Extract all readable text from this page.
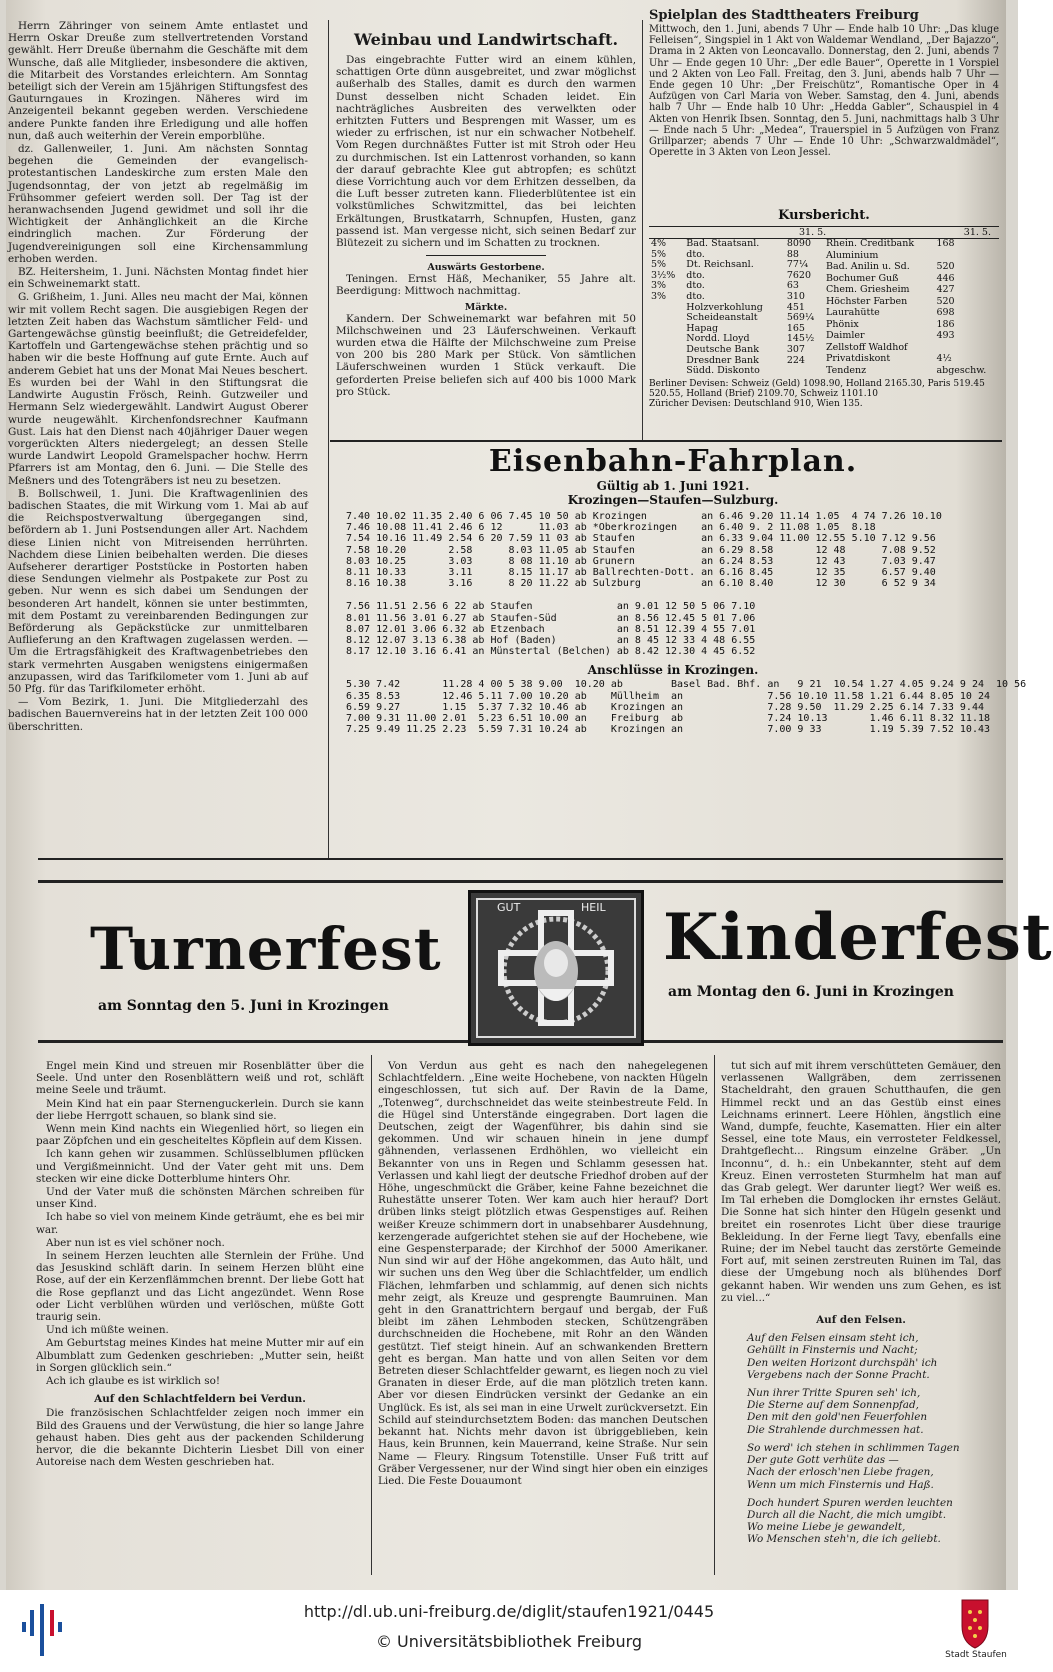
Herrn Zähringer von seinem Amte entlastet und Herrn Oskar Dreuße zum stellvertretenden Vorstand gewählt. Herr Dreuße übernahm die Geschäfte mit dem Wunsche, daß alle Mitglieder, insbesondere die aktiven, die Mitarbeit des Vorstandes erleichtern. Am Sonntag beteiligt sich der Verein am 15jährigen Stiftungsfest des Gauturngaues in Krozingen. Näheres wird im Anzeigenteil bekannt gegeben werden. Verschiedene andere Punkte fanden ihre Erledigung und alle hoffen nun, daß auch weiterhin der Verein emporblühe.

dz. Gallenweiler, 1. Juni. Am nächsten Sonntag begehen die Gemeinden der evangelisch-protestantischen Landeskirche zum ersten Male den Jugendsonntag, der von jetzt ab regelmäßig im Frühsommer gefeiert werden soll. Der Tag ist der heranwachsenden Jugend gewidmet und soll ihr die Wichtigkeit der Anhänglichkeit an die Kirche eindringlich machen. Zur Förderung der Jugendvereinigungen soll eine Kirchensammlung erhoben werden.

BZ. Heitersheim, 1. Juni. Nächsten Montag findet hier ein Schweinemarkt statt.

G. Grißheim, 1. Juni. Alles neu macht der Mai, können wir mit vollem Recht sagen. Die ausgiebigen Regen der letzten Zeit haben das Wachstum sämtlicher Feld- und Gartengewächse günstig beeinflußt; die Getreidefelder, Kartoffeln und Gartengewächse stehen prächtig und so haben wir die beste Hoffnung auf gute Ernte. Auch auf anderem Gebiet hat uns der Monat Mai Neues beschert. Es wurden bei der Wahl in den Stiftungsrat die Landwirte Augustin Frösch, Reinh. Gutzweiler und Hermann Selz wiedergewählt. Landwirt August Oberer wurde neugewählt. Kirchenfondsrechner Kaufmann Gust. Lais hat den Dienst nach 40jähriger Dauer wegen vorgerückten Alters niedergelegt; an dessen Stelle wurde Landwirt Leopold Gramelspacher hochw. Herrn Pfarrers ist am Montag, den 6. Juni. — Die Stelle des Meßners und des Totengräbers ist neu zu besetzen.

B. Bollschweil, 1. Juni. Die Kraftwagenlinien des badischen Staates, die mit Wirkung vom 1. Mai ab auf die Reichspostverwaltung übergegangen sind, befördern ab 1. Juni Postsendungen aller Art. Nachdem diese Linien nicht von Mitreisenden herrührten. Nachdem diese Linien beibehalten werden. Die dieses Aufseherer derartiger Poststücke in Postorten haben diese Sendungen vielmehr als Postpakete zur Post zu geben. Nur wenn es sich dabei um Sendungen der besonderen Art handelt, können sie unter bestimmten, mit dem Postamt zu vereinbarenden Bedingungen zur Beförderung als Gepäckstücke zur unmittelbaren Auflieferung an den Kraftwagen zugelassen werden. — Um die Ertragsfähigkeit des Kraftwagenbetriebes den stark vermehrten Ausgaben wenigstens einigermaßen anzupassen, wird das Tarifkilometer vom 1. Juni ab auf 50 Pfg. für das Tarifkilometer erhöht.

— Vom Bezirk, 1. Juni. Die Mitgliederzahl des badischen Bauernvereins hat in der letzten Zeit 100 000 überschritten.

Weinbau und Landwirtschaft.

Das eingebrachte Futter wird an einem kühlen, schattigen Orte dünn ausgebreitet, und zwar möglichst außerhalb des Stalles, damit es durch den warmen Dunst desselben nicht Schaden leidet. Ein nachträgliches Ausbreiten des verwelkten oder erhitzten Futters und Besprengen mit Wasser, um es wieder zu erfrischen, ist nur ein schwacher Notbehelf. Vom Regen durchnäßtes Futter ist mit Stroh oder Heu zu durchmischen. Ist ein Lattenrost vorhanden, so kann der darauf gebrachte Klee gut abtropfen; es schützt diese Vorrichtung auch vor dem Erhitzen desselben, da die Luft besser zutreten kann. Fliederblütentee ist ein volkstümliches Schwitzmittel, das bei leichten Erkältungen, Brustkatarrh, Schnupfen, Husten, ganz passend ist. Man vergesse nicht, sich seinen Bedarf zur Blütezeit zu sichern und im Schatten zu trocknen.

Auswärts Gestorbene.

Teningen. Ernst Häß, Mechaniker, 55 Jahre alt. Beerdigung: Mittwoch nachmittag.

Märkte.

Kandern. Der Schweinemarkt war befahren mit 50 Milchschweinen und 23 Läuferschweinen. Verkauft wurden etwa die Hälfte der Milchschweine zum Preise von 200 bis 280 Mark per Stück. Von sämtlichen Läuferschweinen wurden 1 Stück verkauft. Die geforderten Preise beliefen sich auf 400 bis 1000 Mark pro Stück.

Spielplan des Stadttheaters Freiburg

Mittwoch, den 1. Juni, abends 7 Uhr — Ende halb 10 Uhr: „Das kluge Felleisen“, Singspiel in 1 Akt von Waldemar Wendland, „Der Bajazzo“, Drama in 2 Akten von Leoncavallo. Donnerstag, den 2. Juni, abends 7 Uhr — Ende gegen 10 Uhr: „Der edle Bauer“, Operette in 1 Vorspiel und 2 Akten von Leo Fall. Freitag, den 3. Juni, abends halb 7 Uhr — Ende gegen 10 Uhr: „Der Freischütz“, Romantische Oper in 4 Aufzügen von Carl Maria von Weber. Samstag, den 4. Juni, abends halb 7 Uhr — Ende halb 10 Uhr: „Hedda Gabler“, Schauspiel in 4 Akten von Henrik Ibsen. Sonntag, den 5. Juni, nachmittags halb 3 Uhr — Ende nach 5 Uhr: „Medea“, Trauerspiel in 5 Aufzügen von Franz Grillparzer; abends 7 Uhr — Ende 10 Uhr: „Schwarzwaldmädel“, Operette in 3 Akten von Leon Jessel.

Kursbericht.
31. 5.	31. 5.
4%	Bad. Staatsanl.	8090
5%	dto.	88
5%	Dt. Reichsanl.	77¼
3½%	dto.	7620
3%	dto.	63
3%	dto.	310
	Holzverkohlung	451
	Scheideanstalt	569¼
	Hapag	165
	Nordd. Lloyd	145½
	Deutsche Bank	307
	Dresdner Bank	224
	Südd. Diskonto	
Rhein. Creditbank	168
Aluminium	
Bad. Anilin u. Sd.	520
Bochumer Guß	446
Chem. Griesheim	427
Höchster Farben	520
Laurahütte	698
Phönix	186
Daimler	493
Zellstoff Waldhof	
Privatdiskont	4½
Tendenz	abgeschw.
Berliner Devisen: Schweiz (Geld) 1098.90, Holland 2165.30, Paris 519.45 520.55, Holland (Brief) 2109.70, Schweiz 1101.10
Züricher Devisen: Deutschland 910, Wien 135.
Eisenbahn-Fahrplan.
Gültig ab 1. Juni 1921.
Krozingen—Staufen—Sulzburg.
7.40	10.02	11.35	2.40	6 06	7.45	10 50	ab	Krozingen	an	6.46	9.20	11.14	1.05	4 74	7.26	10.10
7.46	10.08	11.41	2.46	6 12		11.03	ab	*Oberkrozingen	an	6.40	9. 2	11.08	1.05	8.18		
7.54	10.16	11.49	2.54	6 20	7.59	11 03	ab	Staufen	an	6.33	9.04	11.00	12.55	5.10	7.12	9.56
7.58	10.20		2.58		8.03	11.05	ab	Staufen	an	6.29	8.58		12 48		7.08	9.52
8.03	10.25		3.03		8 08	11.10	ab	Grunern	an	6.24	8.53		12 43		7.03	9.47
8.11	10.33		3.11		8.15	11.17	ab	Ballrechten-Dott.	an	6.16	8.45		12 35		6.57	9.40
8.16	10.38		3.16		8 20	11.22	ab	Sulzburg	an	6.10	8.40		12 30		6 52	9 34
7.56	11.51	2.56	6 22	ab	Staufen	an	9.01	12 50	5 06	7.10
8.01	11.56	3.01	6.27	ab	Staufen-Süd	an	8.56	12.45	5 01	7.06
8.07	12.01	3.06	6.32	ab	Etzenbach	an	8.51	12.39	4 55	7.01
8.12	12.07	3.13	6.38	ab	Hof (Baden)	an	8 45	12 33	4 48	6.55
8.17	12.10	3.16	6.41	an	Münstertal (Belchen)	ab	8.42	12.30	4 45	6.52
Anschlüsse in Krozingen.
5.30	7.42		11.28	4 00	5 38	9.00	10.20	ab	Basel Bad. Bhf.	an	9 21	10.54	1.27	4.05	9.24	9 24	10 56
6.35	8.53		12.46	5.11	7.00	10.20	ab	Müllheim	an	7.56	10.10	11.58	1.21	6.44	8.05	10 24	
6.59	9.27		1.15	5.37	7.32	10.46	ab	Krozingen	an	7.28	9.50	11.29	2.25	6.14	7.33	9.44	
7.00	9.31	11.00	2.01	5.23	6.51	10.00	an	Freiburg	ab	7.24	10.13		1.46	6.11	8.32	11.18	
7.25	9.49	11.25	2.23	5.59	7.31	10.24	ab	Krozingen	an	7.00	9 33		1.19	5.39	7.52	10.43	
Turnerfest
am Sonntag den 5. Juni in Krozingen
GUT	HEIL Kinderfest
am Montag den 6. Juni in Krozingen

Engel mein Kind und streuen mir Rosenblätter über die Seele. Und unter den Rosenblättern weiß und rot, schläft meine Seele und träumt.

Mein Kind hat ein paar Sternenguckerlein. Durch sie kann der liebe Herrgott schauen, so blank sind sie.

Wenn mein Kind nachts ein Wiegenlied hört, so liegen ein paar Zöpfchen und ein gescheiteltes Köpflein auf dem Kissen.

Ich kann gehen wir zusammen. Schlüsselblumen pflücken und Vergißmeinnicht. Und der Vater geht mit uns. Dem stecken wir eine dicke Dotterblume hinters Ohr.

Und der Vater muß die schönsten Märchen schreiben für unser Kind.

Ich habe so viel von meinem Kinde geträumt, ehe es bei mir war.

Aber nun ist es viel schöner noch.

In seinem Herzen leuchten alle Sternlein der Frühe. Und das Jesuskind schläft darin. In seinem Herzen blüht eine Rose, auf der ein Kerzenflämmchen brennt. Der liebe Gott hat die Rose gepflanzt und das Licht angezündet. Wenn Rose oder Licht verblühen würden und verlöschen, müßte Gott traurig sein.

Und ich müßte weinen.

Am Geburtstag meines Kindes hat meine Mutter mir auf ein Albumblatt zum Gedenken geschrieben: „Mutter sein, heißt in Sorgen glücklich sein.“

Ach ich glaube es ist wirklich so!

Auf den Schlachtfeldern bei Verdun.

Die französischen Schlachtfelder zeigen noch immer ein Bild des Grauens und der Verwüstung, die hier so lange Jahre gehaust haben. Dies geht aus der packenden Schilderung hervor, die die bekannte Dichterin Liesbet Dill von einer Autoreise nach dem Westen geschrieben hat.

Von Verdun aus geht es nach den nahegelegenen Schlachtfeldern. „Eine weite Hochebene, von nackten Hügeln eingeschlossen, tut sich auf. Der Ravin de la Dame, „Totenweg“, durchschneidet das weite steinbestreute Feld. In die Hügel sind Unterstände eingegraben. Dort lagen die Deutschen, zeigt der Wagenführer, bis dahin sind sie gekommen. Und wir schauen hinein in jene dumpf gähnenden, verlassenen Erdhöhlen, wo vielleicht ein Bekannter von uns in Regen und Schlamm gesessen hat. Verlassen und kahl liegt der deutsche Friedhof droben auf der Höhe, ungeschmückt die Gräber, keine Fahne bezeichnet die Ruhestätte unserer Toten. Wer kam auch hier herauf? Dort drüben links steigt plötzlich etwas Gespenstiges auf. Reihen weißer Kreuze schimmern dort in unabsehbarer Ausdehnung, kerzengerade aufgerichtet stehen sie auf der Hochebene, wie eine Gespensterparade; der Kirchhof der 5000 Amerikaner. Nun sind wir auf der Höhe angekommen, das Auto hält, und wir suchen uns den Weg über die Schlachtfelder, um endlich Flächen, lehmfarben und schlammig, auf denen sich nichts mehr zeigt, als Kreuze und gesprengte Baumruinen. Man geht in den Granattrichtern bergauf und bergab, der Fuß bleibt im zähen Lehmboden stecken, Schützengräben durchschneiden die Hochebene, mit Rohr an den Wänden gestützt. Tief steigt hinein. Auf an schwankenden Brettern geht es bergan. Man hatte und von allen Seiten vor dem Betreten dieser Schlachtfelder gewarnt, es liegen noch zu viel Granaten in dieser Erde, auf die man plötzlich treten kann. Aber vor diesen Eindrücken versinkt der Gedanke an ein Unglück. Es ist, als sei man in eine Urwelt zurückversetzt. Ein Schild auf steindurchsetztem Boden: das manchen Deutschen bekannt hat. Nichts mehr davon ist übriggeblieben, kein Haus, kein Brunnen, kein Mauerrand, keine Straße. Nur sein Name — Fleury. Ringsum Totenstille. Unser Fuß tritt auf Gräber Vergessener, nur der Wind singt hier oben ein einziges Lied. Die Feste Douaumont

tut sich auf mit ihrem verschütteten Gemäuer, den verlassenen Wallgräben, dem zerrissenen Stacheldraht, den grauen Schutthaufen, die gen Himmel reckt und an das Gestüb einst eines Leichnams erinnert. Leere Höhlen, ängstlich eine Wand, dumpfe, feuchte, Kasematten. Hier ein alter Sessel, eine tote Maus, ein verrosteter Feldkessel, Drahtgeflecht... Ringsum einzelne Gräber. „Un Inconnu“, d. h.: ein Unbekannter, steht auf dem Kreuz. Einen verrosteten Sturmhelm hat man auf das Grab gelegt. Wer darunter liegt? Wer weiß es. Im Tal erheben die Domglocken ihr ernstes Geläut. Die Sonne hat sich hinter den Hügeln gesenkt und breitet ein rosenrotes Licht über diese traurige Bekleidung. In der Ferne liegt Tavy, ebenfalls eine Ruine; der im Nebel taucht das zerstörte Gemeinde Fort auf, mit seinen zerstreuten Ruinen im Tal, das diese der Umgebung noch als blühendes Dorf gekannt haben. Wir wenden uns zum Gehen, es ist zu viel...“

Auf den Felsen.
Auf den Felsen einsam steht ich,
Gehüllt in Finsternis und Nacht;
Den weiten Horizont durchspäh' ich
Vergebens nach der Sonne Pracht.
Nun ihrer Tritte Spuren seh' ich,
Die Sterne auf dem Sonnenpfad,
Den mit den gold'nen Feuerfohlen
Die Strahlende durchmessen hat.
So werd' ich stehen in schlimmen Tagen
Der gute Gott verhüte das —
Nach der erlosch'nen Liebe fragen,
Wenn um mich Finsternis und Haß.
Doch hundert Spuren werden leuchten
Durch all die Nacht, die mich umgibt.
Wo meine Liebe je gewandelt,
Wo Menschen steh'n, die ich geliebt.
http://dl.ub.uni-freiburg.de/diglit/staufen1921/0445
© Universitätsbibliothek Freiburg
Stadt Staufen
